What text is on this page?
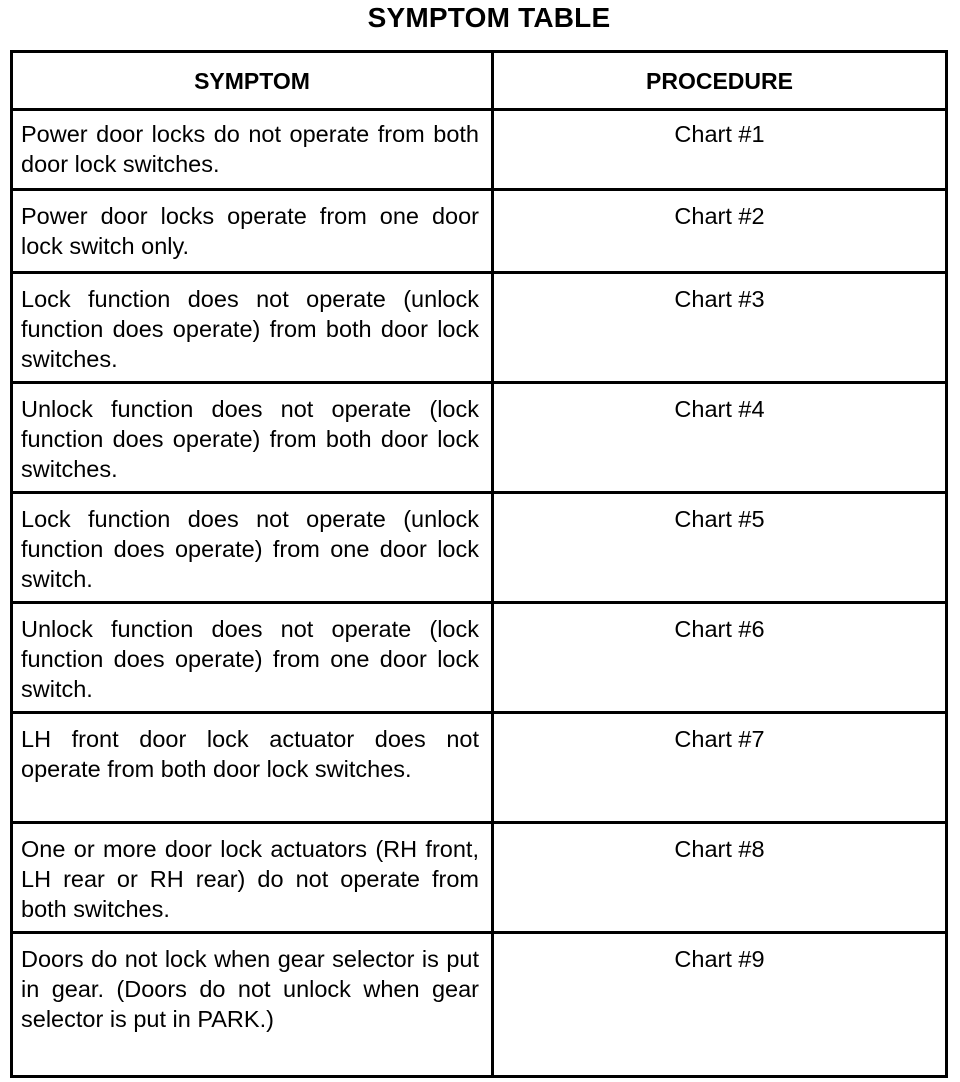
SYMPTOM TABLE
SYMPTOM	PROCEDURE
Power door locks do not operate from both door lock switches.
Chart #1
Power door locks operate from one door lock switch only.
Chart #2
Lock function does not operate (unlock function does operate) from both door lock switches.
Chart #3
Unlock function does not operate (lock function does operate) from both door lock switches.
Chart #4
Lock function does not operate (unlock function does operate) from one door lock switch.
Chart #5
Unlock function does not operate (lock function does operate) from one door lock switch.
Chart #6
LH front door lock actuator does not operate from both door lock switches.
Chart #7
One or more door lock actuators (RH front, LH rear or RH rear) do not operate from both switches.
Chart #8
Doors do not lock when gear selector is put in gear. (Doors do not unlock when gear selector is put in PARK.)
Chart #9
